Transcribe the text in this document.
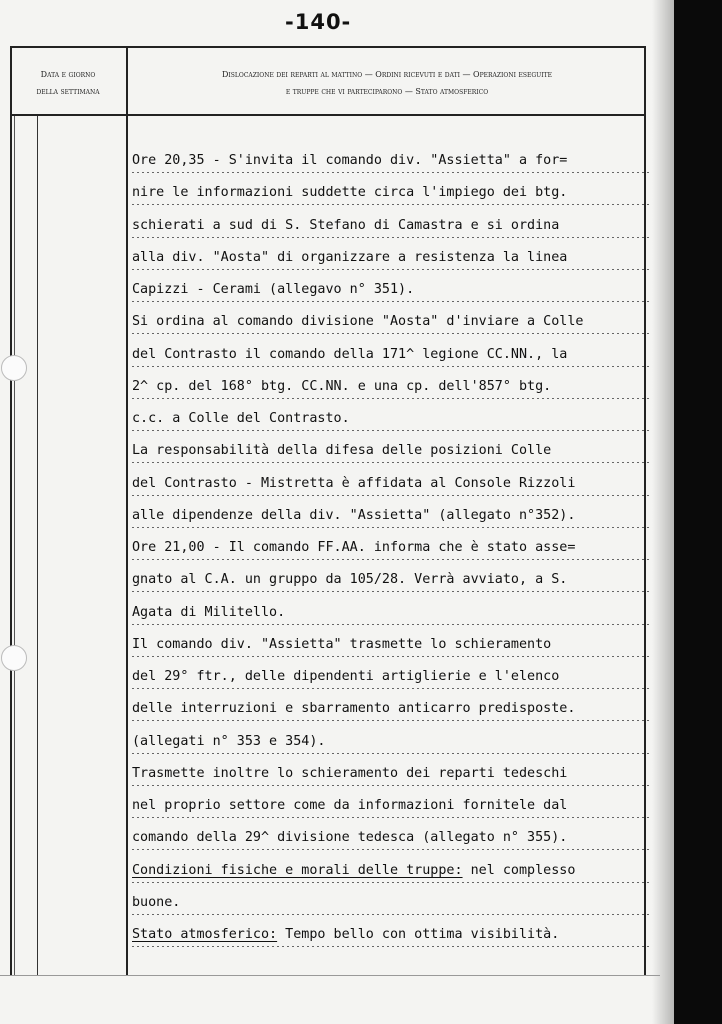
-140-
Data e giorno
della settimana
Dislocazione dei reparti al mattino — Ordini ricevuti e dati — Operazioni eseguite
e truppe che vi parteciparono — Stato atmosferico
Ore 20,35 - S'invita il comando div. "Assietta" a for=
nire le informazioni suddette circa l'impiego dei btg.
schierati a sud di S. Stefano di Camastra e si ordina
alla div. "Aosta" di organizzare a resistenza la linea
Capizzi - Cerami (allegavo n° 351).
Si ordina al comando divisione "Aosta" d'inviare a Colle
del Contrasto il comando della 171^ legione CC.NN., la
2^ cp. del 168° btg. CC.NN. e una cp. dell'857° btg.
c.c. a Colle del Contrasto.
La responsabilità della difesa delle posizioni Colle
del Contrasto - Mistretta è affidata al Console Rizzoli
alle dipendenze della div. "Assietta" (allegato n°352).
Ore 21,00 - Il comando FF.AA. informa che è stato asse=
gnato al C.A. un gruppo da 105/28. Verrà avviato, a S.
Agata di Militello.
Il comando div. "Assietta" trasmette lo schieramento
del 29° ftr., delle dipendenti artiglierie e l'elenco
delle interruzioni e sbarramento anticarro predisposte.
(allegati n° 353 e 354).
Trasmette inoltre lo schieramento dei reparti tedeschi
nel proprio settore come da informazioni fornitele dal
comando della 29^ divisione tedesca (allegato n° 355).
Condizioni fisiche e morali delle truppe: nel complesso
buone.
Stato atmosferico: Tempo bello con ottima visibilità.
